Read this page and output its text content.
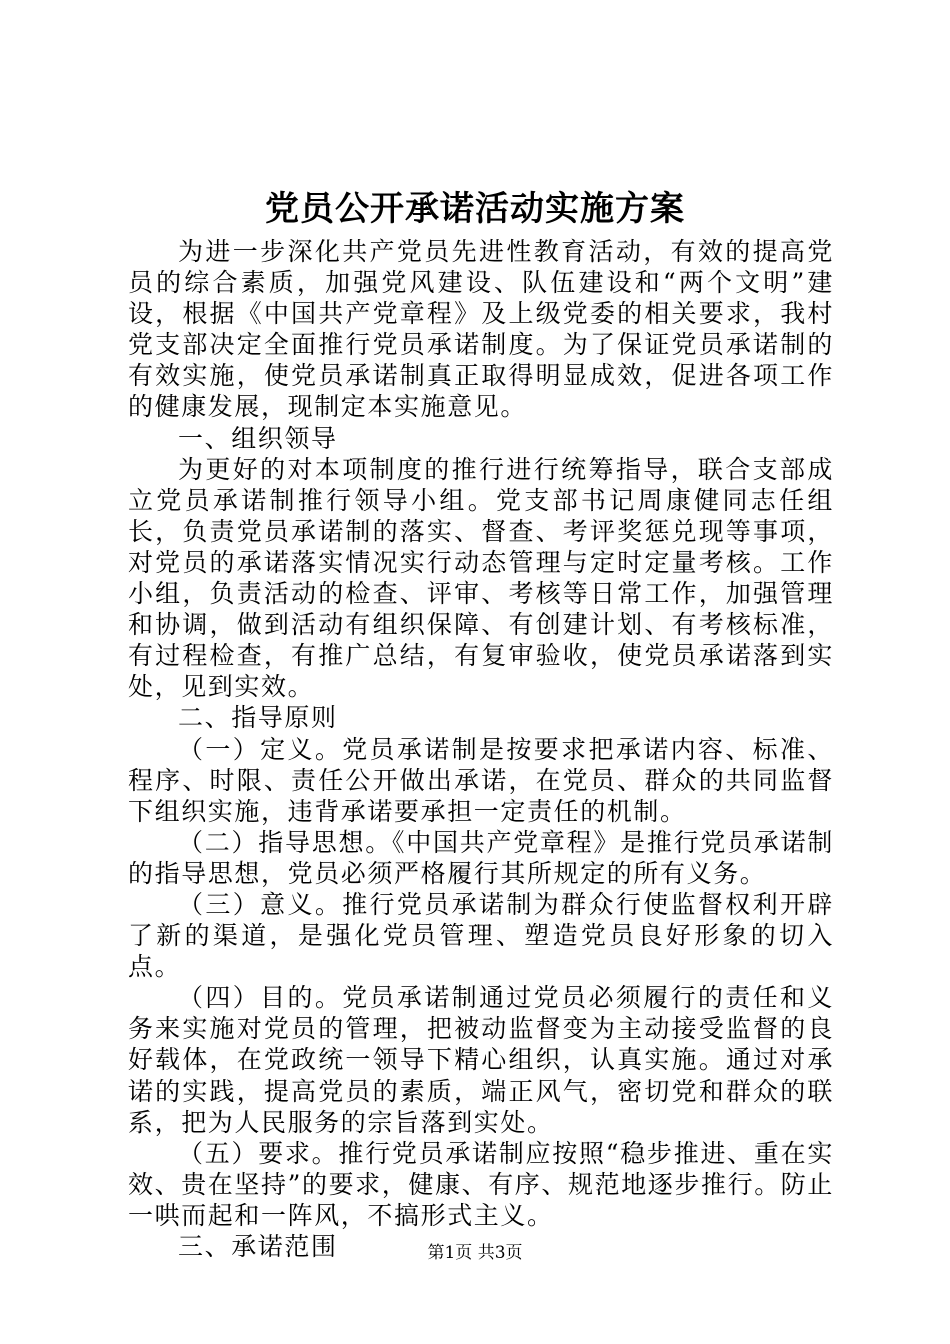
党员公开承诺活动实施方案

为进一步深化共产党员先进性教育活动，有效的提高党员的综合素质，加强党风建设、队伍建设和“两个文明”建设，根据《中国共产党章程》及上级党委的相关要求，我村党支部决定全面推行党员承诺制度。为了保证党员承诺制的有效实施，使党员承诺制真正取得明显成效，促进各项工作的健康发展，现制定本实施意见。

一、组织领导

为更好的对本项制度的推行进行统筹指导，联合支部成立党员承诺制推行领导小组。党支部书记周康健同志任组长，负责党员承诺制的落实、督查、考评奖惩兑现等事项，对党员的承诺落实情况实行动态管理与定时定量考核。工作小组，负责活动的检查、评审、考核等日常工作，加强管理和协调，做到活动有组织保障、有创建计划、有考核标准，有过程检查，有推广总结，有复审验收，使党员承诺落到实处，见到实效。

二、指导原则

（一）定义。党员承诺制是按要求把承诺内容、标准、程序、时限、责任公开做出承诺，在党员、群众的共同监督下组织实施，违背承诺要承担一定责任的机制。

（二）指导思想。《中国共产党章程》是推行党员承诺制的指导思想，党员必须严格履行其所规定的所有义务。

（三）意义。推行党员承诺制为群众行使监督权利开辟了新的渠道，是强化党员管理、塑造党员良好形象的切入点。

（四）目的。党员承诺制通过党员必须履行的责任和义务来实施对党员的管理，把被动监督变为主动接受监督的良好载体，在党政统一领导下精心组织，认真实施。通过对承诺的实践，提高党员的素质，端正风气，密切党和群众的联系，把为人民服务的宗旨落到实处。

（五）要求。推行党员承诺制应按照“稳步推进、重在实效、贵在坚持”的要求，健康、有序、规范地逐步推行。防止一哄而起和一阵风，不搞形式主义。

三、承诺范围	第1页 共3页
